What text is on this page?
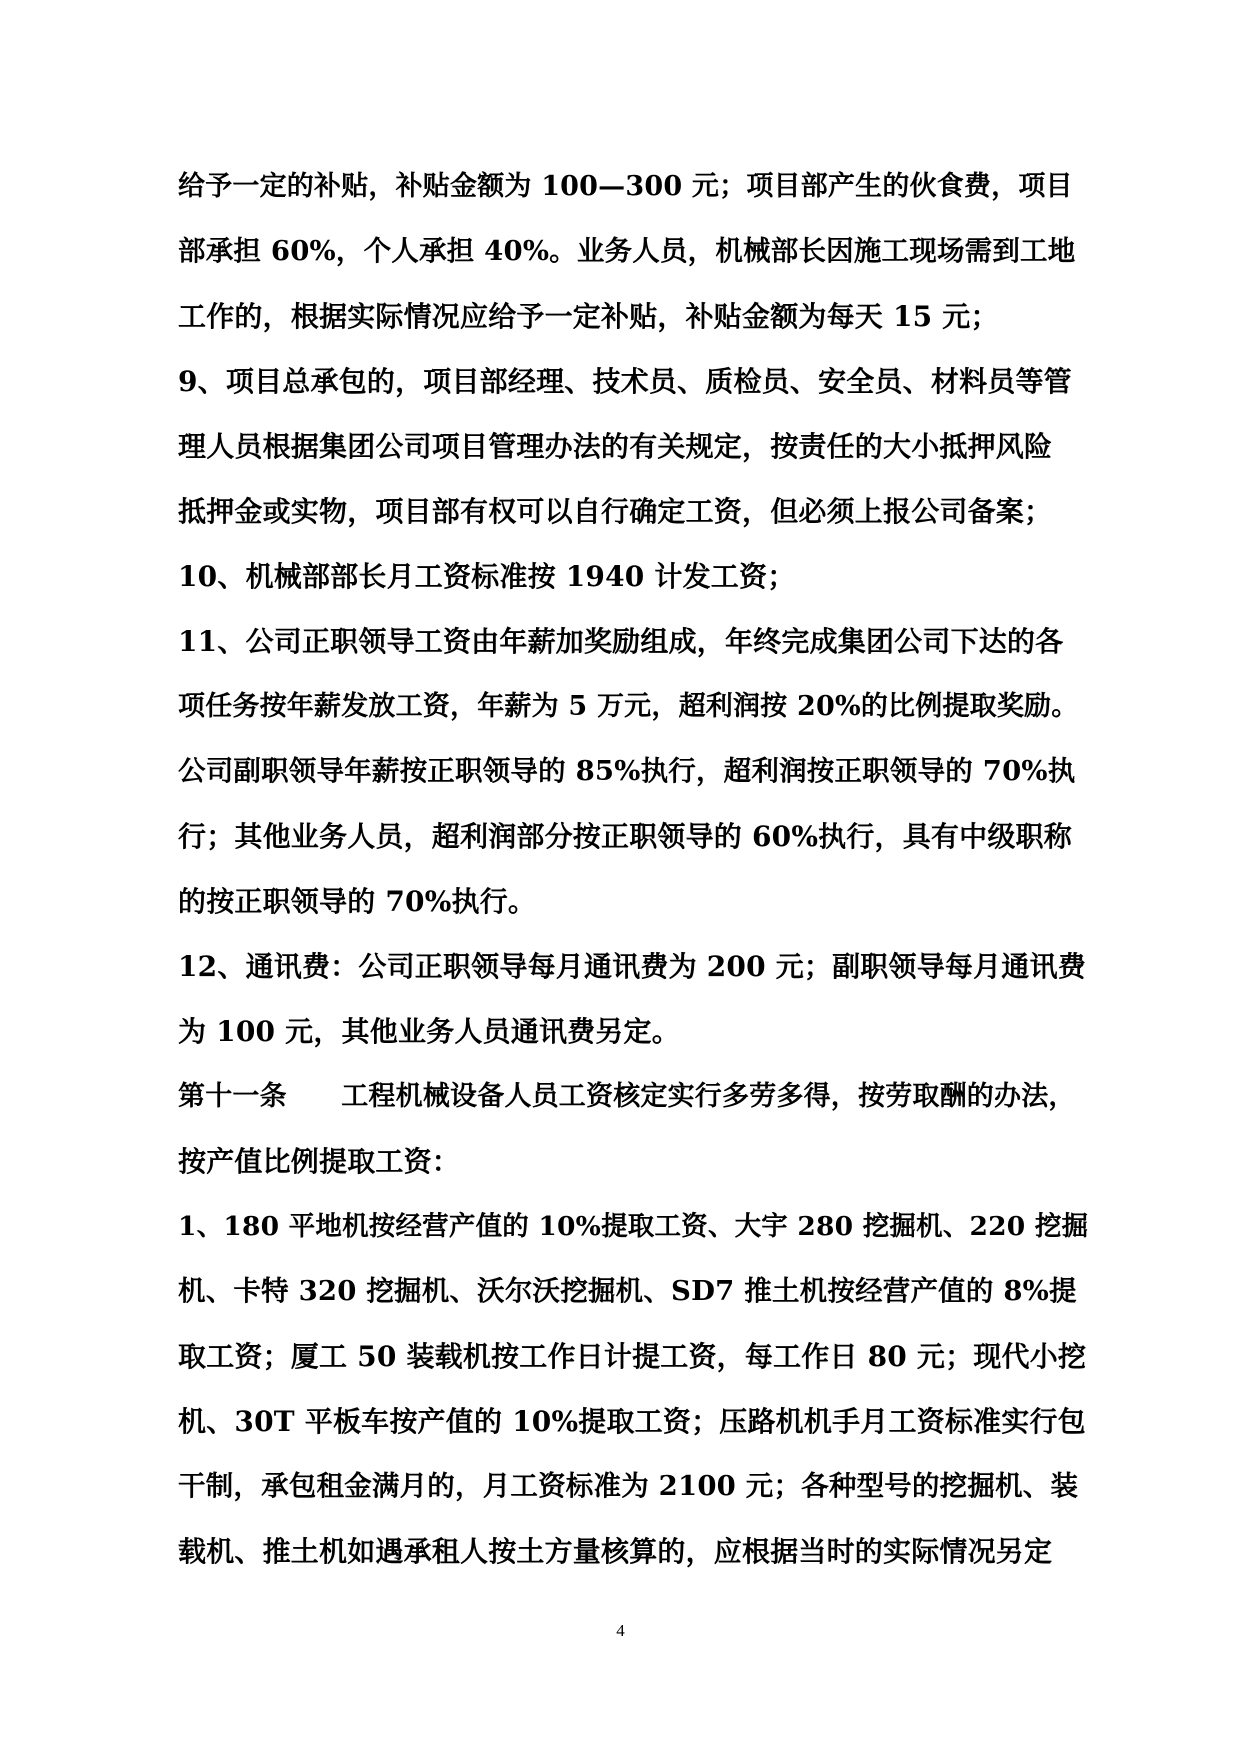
给予一定的补贴，补贴金额为 100—300 元；项目部产生的伙食费，项目
部承担 60%，个人承担 40%。业务人员，机械部长因施工现场需到工地
工作的，根据实际情况应给予一定补贴，补贴金额为每天 15 元；
9、项目总承包的，项目部经理、技术员、质检员、安全员、材料员等管
理人员根据集团公司项目管理办法的有关规定，按责任的大小抵押风险
抵押金或实物，项目部有权可以自行确定工资，但必须上报公司备案；
10、机械部部长月工资标准按 1940 计发工资；
11、公司正职领导工资由年薪加奖励组成，年终完成集团公司下达的各
项任务按年薪发放工资，年薪为 5 万元，超利润按 20%的比例提取奖励。
公司副职领导年薪按正职领导的 85%执行，超利润按正职领导的 70%执
行；其他业务人员，超利润部分按正职领导的 60%执行，具有中级职称
的按正职领导的 70%执行。
12、通讯费：公司正职领导每月通讯费为 200 元；副职领导每月通讯费
为 100 元，其他业务人员通讯费另定。
第十一条　　工程机械设备人员工资核定实行多劳多得，按劳取酬的办法，
按产值比例提取工资：
1、180 平地机按经营产值的 10%提取工资、大宇 280 挖掘机、220 挖掘
机、卡特 320 挖掘机、沃尔沃挖掘机、SD7 推土机按经营产值的 8%提
取工资；厦工 50 装载机按工作日计提工资，每工作日 80 元；现代小挖
机、30T 平板车按产值的 10%提取工资；压路机机手月工资标准实行包
干制，承包租金满月的，月工资标准为 2100 元；各种型号的挖掘机、装
载机、推土机如遇承租人按土方量核算的，应根据当时的实际情况另定
4
